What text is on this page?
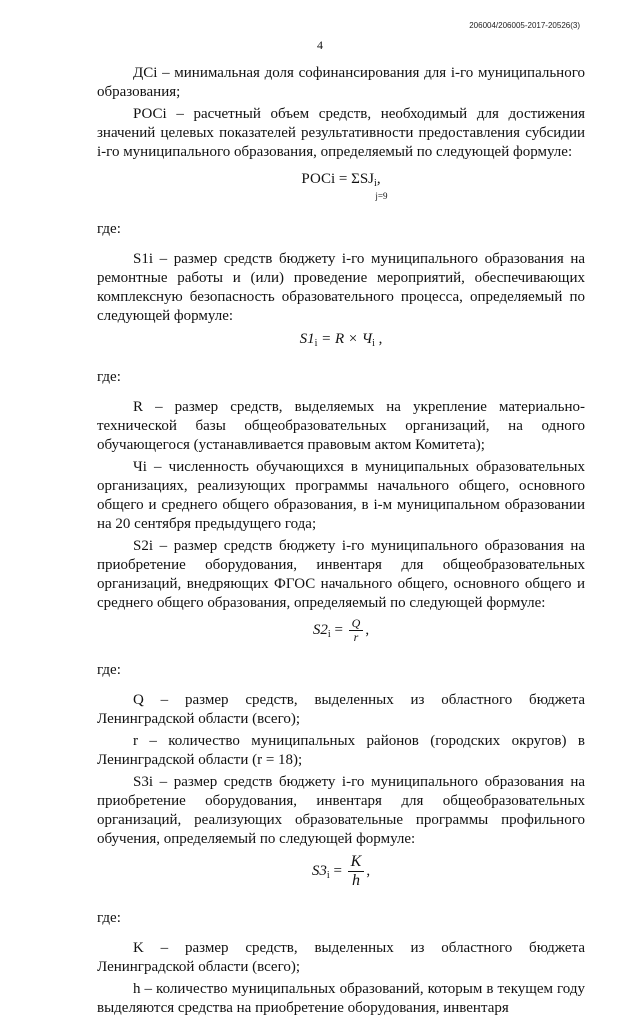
206004/206005-2017-20526(3)
4

ДСi – минимальная доля софинансирования для i-го муниципального образования;

РОСi – расчетный объем средств, необходимый для достижения значений целевых показателей результативности предоставления субсидии i-го муниципального образования, определяемый по следующей формуле:

РОСi = $\Sigma SJ_i$,
j=9

где:

S1i – размер средств бюджету i-го муниципального образования на ремонтные работы и (или) проведение мероприятий, обеспечивающих комплексную безопасность образовательного процесса, определяемый по следующей формуле:

$S1_i = R \times Ч_i$ ,

где:

R – размер средств, выделяемых на укрепление материально-технической базы общеобразовательных организаций, на одного обучающегося (устанавливается правовым актом Комитета);

Чi – численность обучающихся в муниципальных образовательных организациях, реализующих программы начального общего, основного общего и среднего общего образования, в i-м муниципальном образовании на 20 сентября предыдущего года;

S2i – размер средств бюджету i-го муниципального образования на приобретение оборудования, инвентаря для общеобразовательных организаций, внедряющих ФГОС начального общего, основного общего и среднего общего образования, определяемый по следующей формуле:

$S2_i = \frac{Q}{r}$ ,

где:

Q – размер средств, выделенных из областного бюджета Ленинградской области (всего);

r – количество муниципальных районов (городских округов) в Ленинградской области (r = 18);

S3i – размер средств бюджету i-го муниципального образования на приобретение оборудования, инвентаря для общеобразовательных организаций, реализующих образовательные программы профильного обучения, определяемый по следующей формуле:

$S3_i = \frac{K}{h}$ ,

где:

K – размер средств, выделенных из областного бюджета Ленинградской области (всего);

h – количество муниципальных образований, которым в текущем году выделяются средства на приобретение оборудования, инвентаря
